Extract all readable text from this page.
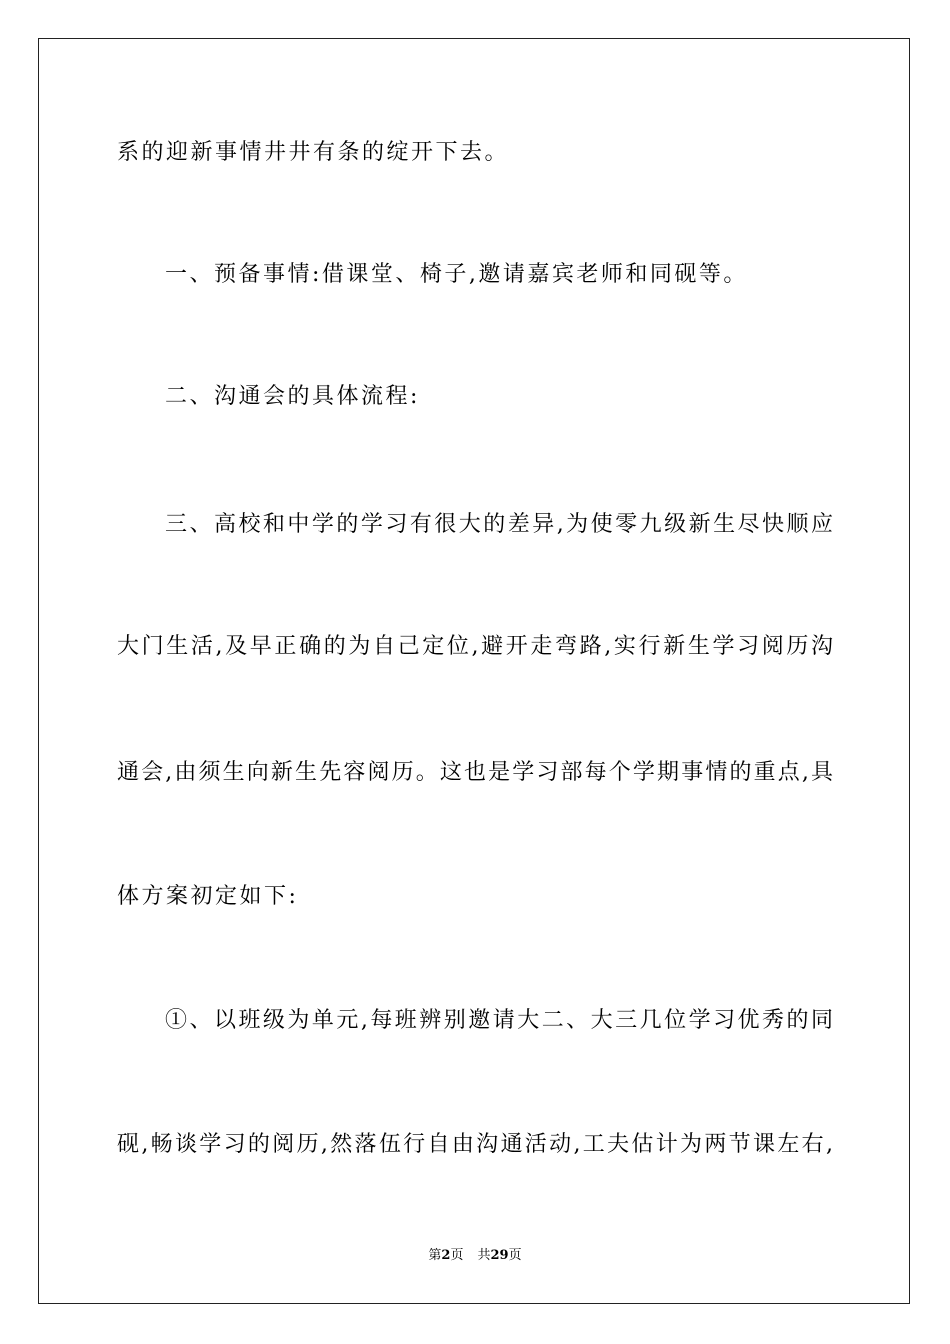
系的迎新事情井井有条的绽开下去。

一、预备事情:借课堂、椅子,邀请嘉宾老师和同砚等。

二、沟通会的具体流程:

三、高校和中学的学习有很大的差异,为使零九级新生尽快顺应

大门生活,及早正确的为自己定位,避开走弯路,实行新生学习阅历沟

通会,由须生向新生先容阅历。这也是学习部每个学期事情的重点,具

体方案初定如下:

①、以班级为单元,每班辨别邀请大二、大三几位学习优秀的同

砚,畅谈学习的阅历,然落伍行自由沟通活动,工夫估计为两节课左右,

第2页 共29页
